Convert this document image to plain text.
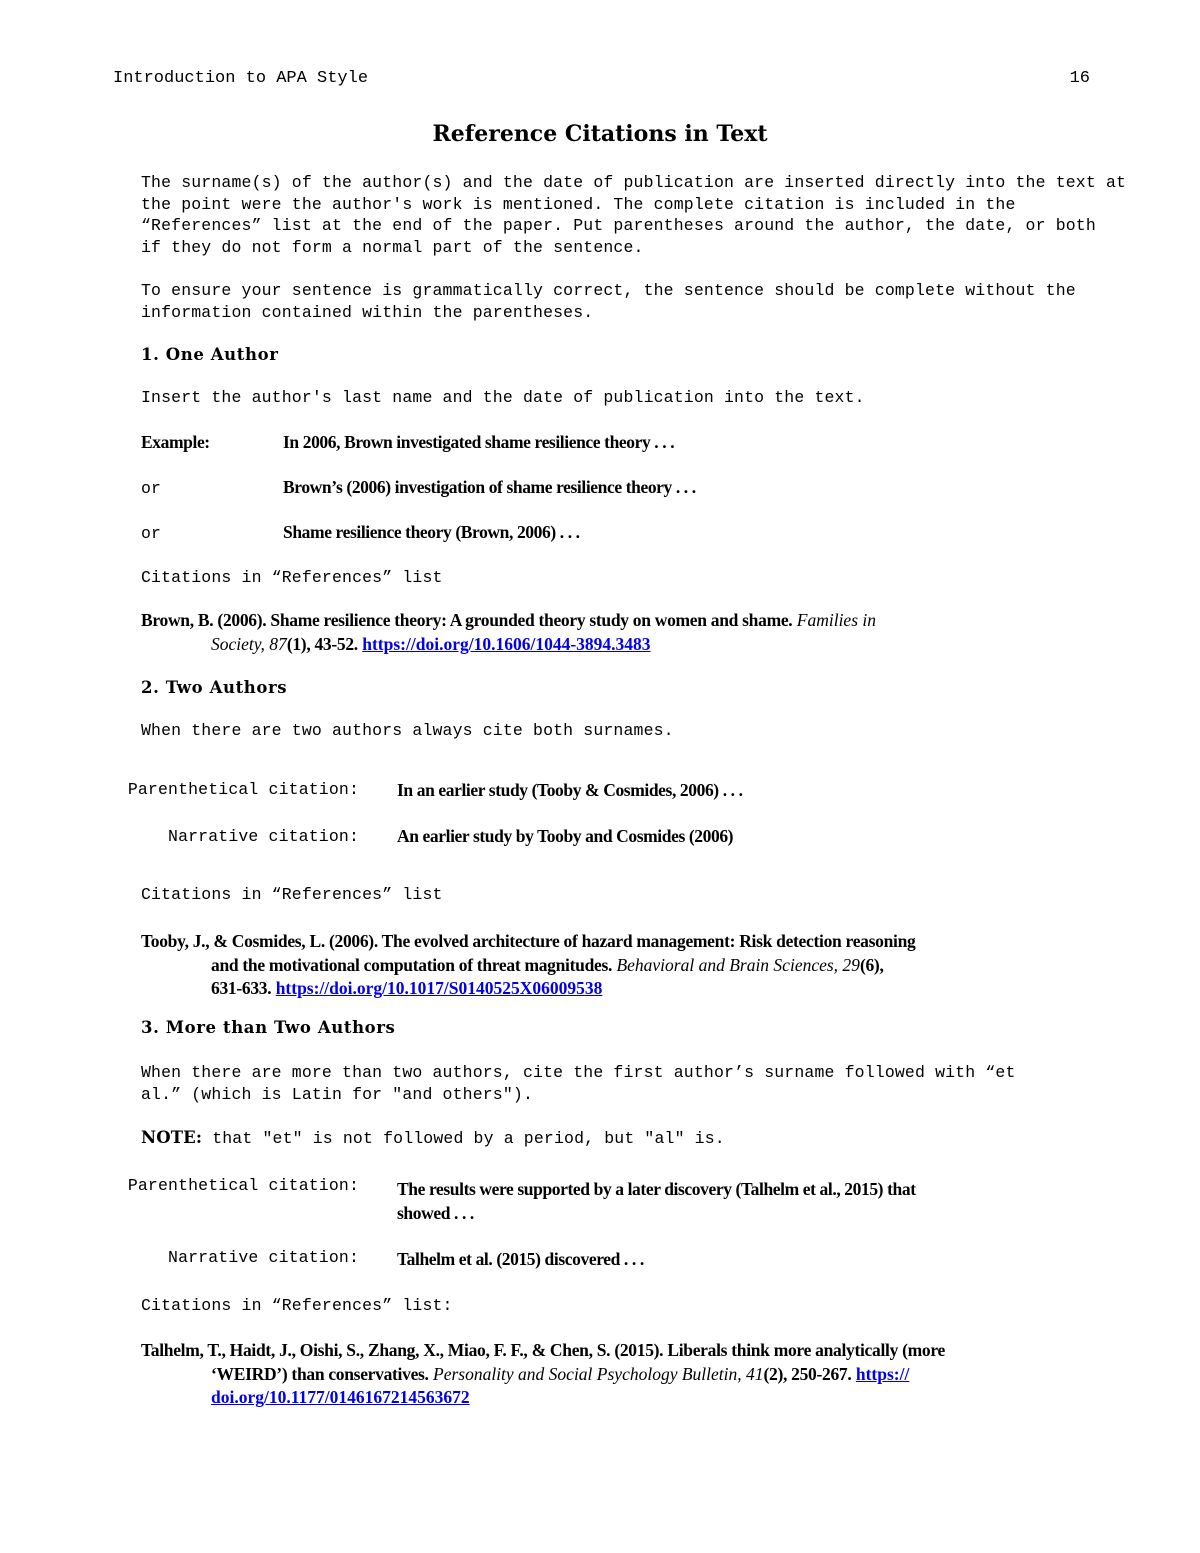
Introduction to APA Style	16
Reference Citations in Text
The surname(s) of the author(s) and the date of publication are inserted directly into the text at
the point were the author's work is mentioned. The complete citation is included in the
“References” list at the end of the paper. Put parentheses around the author, the date, or both
if they do not form a normal part of the sentence.
To ensure your sentence is grammatically correct, the sentence should be complete without the
information contained within the parentheses.
1. One Author
Insert the author's last name and the date of publication into the text.
Example:	In 2006, Brown investigated shame resilience theory . . .
or	Brown’s (2006) investigation of shame resilience theory . . .
or	Shame resilience theory (Brown, 2006) . . .
Citations in “References” list
Brown, B. (2006). Shame resilience theory: A grounded theory study on women and shame. Families in
Society, 87(1), 43-52. https://doi.org/10.1606/1044-3894.3483
2. Two Authors
When there are two authors always cite both surnames.
Parenthetical citation: In an earlier study (Tooby & Cosmides, 2006) . . .
Narrative citation: An earlier study by Tooby and Cosmides (2006)
Citations in “References” list
Tooby, J., & Cosmides, L. (2006). The evolved architecture of hazard management: Risk detection reasoning
and the motivational computation of threat magnitudes. Behavioral and Brain Sciences, 29(6),
631-633. https://doi.org/10.1017/S0140525X06009538
3. More than Two Authors
When there are more than two authors, cite the first author’s surname followed with “et
al.” (which is Latin for "and others").
NOTE: that "et" is not followed by a period, but "al" is.
Parenthetical citation: The results were supported by a later discovery (Talhelm et al., 2015) that
showed . . .
Narrative citation: Talhelm et al. (2015) discovered . . .
Citations in “References” list:
Talhelm, T., Haidt, J., Oishi, S., Zhang, X., Miao, F. F., & Chen, S. (2015). Liberals think more analytically (more
‘WEIRD’) than conservatives. Personality and Social Psychology Bulletin, 41(2), 250-267. https://
doi.org/10.1177/0146167214563672
